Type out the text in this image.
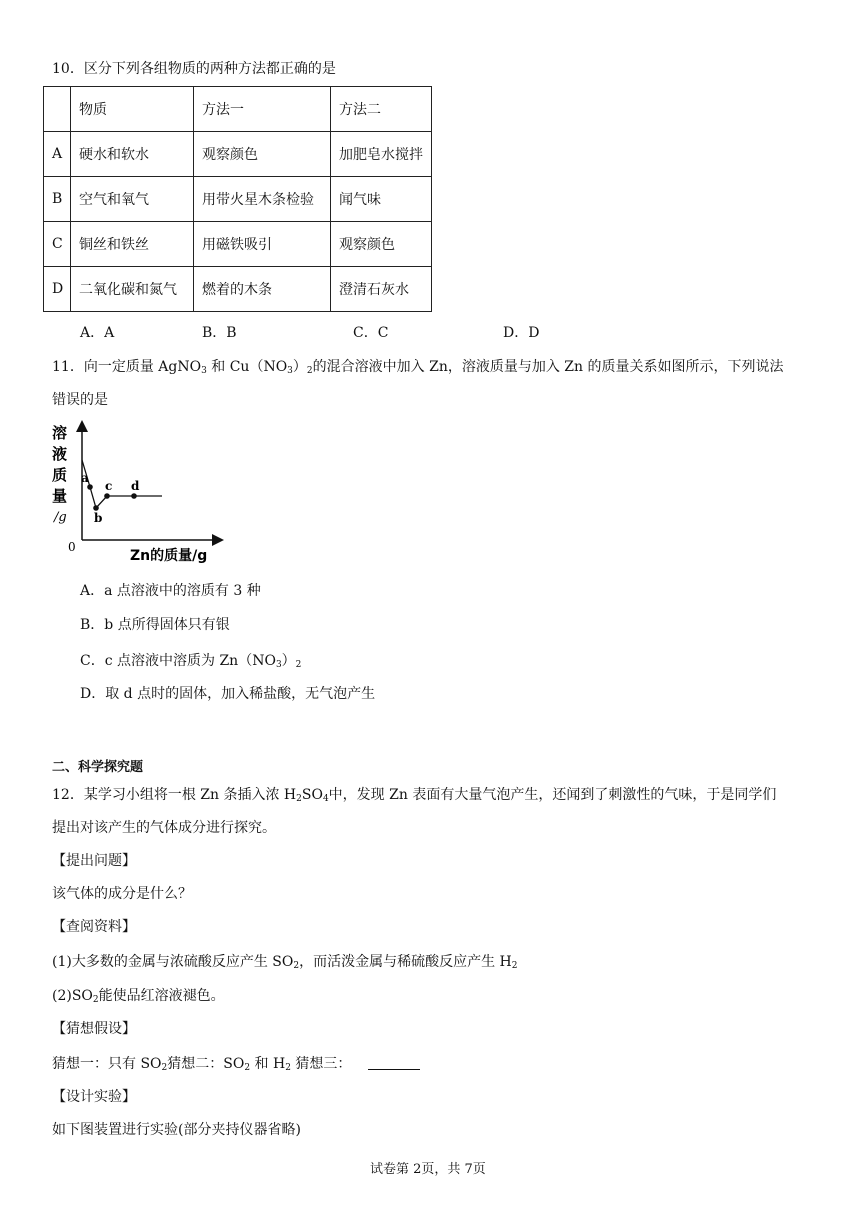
10．区分下列各组物质的两种方法都正确的是
	物质	方法一	方法二
A	硬水和软水	观察颜色	加肥皂水搅拌
B	空气和氧气	用带火星木条检验	闻气味
C	铜丝和铁丝	用磁铁吸引	观察颜色
D	二氧化碳和氮气	燃着的木条	澄清石灰水
A．A	B．B	C．C	D．D
11．向一定质量 AgNO$_3$ 和 $Cu(NO_3)_2$的混合溶液中加入 Zn，溶液质量与加入 Zn 的质量关系如图所示，下列说法
错误的是
溶
液
质
量
/g
0
Zn的质量/g
a
b
c d
A．a 点溶液中的溶质有 3 种
B．b 点所得固体只有银
C．c 点溶液中溶质为 $Zn(NO_3)_2$
D．取 d 点时的固体，加入稀盐酸，无气泡产生
二、科学探究题
12．某学习小组将一根 Zn 条插入浓 $H_2SO_4$中，发现 Zn 表面有大量气泡产生，还闻到了刺激性的气味，于是同学们
提出对该产生的气体成分进行探究。
【提出问题】
该气体的成分是什么？
【查阅资料】
(1)大多数的金属与浓硫酸反应产生 $SO_2$，而活泼金属与稀硫酸反应产生 $H_2$
$(2)SO_2$能使品红溶液褪色。
【猜想假设】
猜想一：只有 $SO_2$猜想二：$SO_2$ 和 $H_2$ 猜想三：
【设计实验】
如下图装置进行实验(部分夹持仪器省略)
试卷第 2页，共 7页
